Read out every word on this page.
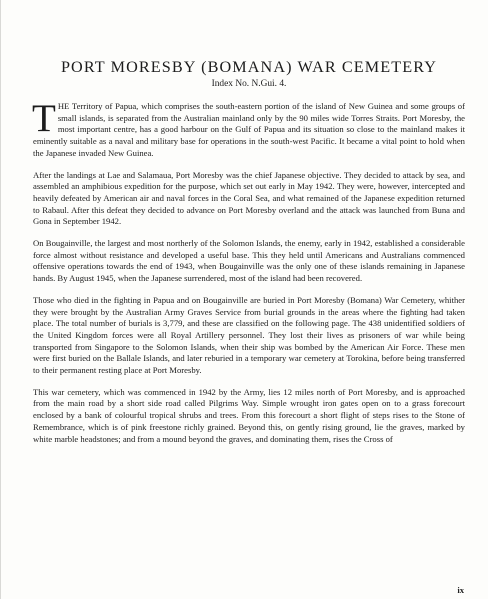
PORT MORESBY (BOMANA) WAR CEMETERY
Index No. N.Gui. 4.

THE Territory of Papua, which comprises the south-eastern portion of the island of New Guinea and some groups of small islands, is separated from the Australian mainland only by the 90 miles wide Torres Straits. Port Moresby, the most important centre, has a good harbour on the Gulf of Papua and its situation so close to the mainland makes it eminently suitable as a naval and military base for operations in the south-west Pacific. It became a vital point to hold when the Japanese invaded New Guinea.

After the landings at Lae and Salamaua, Port Moresby was the chief Japanese objective. They decided to attack by sea, and assembled an amphibious expedition for the purpose, which set out early in May 1942. They were, however, intercepted and heavily defeated by American air and naval forces in the Coral Sea, and what remained of the Japanese expedition returned to Rabaul. After this defeat they decided to advance on Port Moresby overland and the attack was launched from Buna and Gona in September 1942.

On Bougainville, the largest and most northerly of the Solomon Islands, the enemy, early in 1942, established a considerable force almost without resistance and developed a useful base. This they held until Americans and Australians commenced offensive operations towards the end of 1943, when Bougainville was the only one of these islands remaining in Japanese hands. By August 1945, when the Japanese surrendered, most of the island had been recovered.

Those who died in the fighting in Papua and on Bougainville are buried in Port Moresby (Bomana) War Cemetery, whither they were brought by the Australian Army Graves Service from burial grounds in the areas where the fighting had taken place. The total number of burials is 3,779, and these are classified on the following page. The 438 unidentified soldiers of the United Kingdom forces were all Royal Artillery personnel. They lost their lives as prisoners of war while being transported from Singapore to the Solomon Islands, when their ship was bombed by the American Air Force. These men were first buried on the Ballale Islands, and later reburied in a temporary war cemetery at Torokina, before being transferred to their permanent resting place at Port Moresby.

This war cemetery, which was commenced in 1942 by the Army, lies 12 miles north of Port Moresby, and is approached from the main road by a short side road called Pilgrims Way. Simple wrought iron gates open on to a grass forecourt enclosed by a bank of colourful tropical shrubs and trees. From this forecourt a short flight of steps rises to the Stone of Remembrance, which is of pink freestone richly grained. Beyond this, on gently rising ground, lie the graves, marked by white marble headstones; and from a mound beyond the graves, and dominating them, rises the Cross of

ix
